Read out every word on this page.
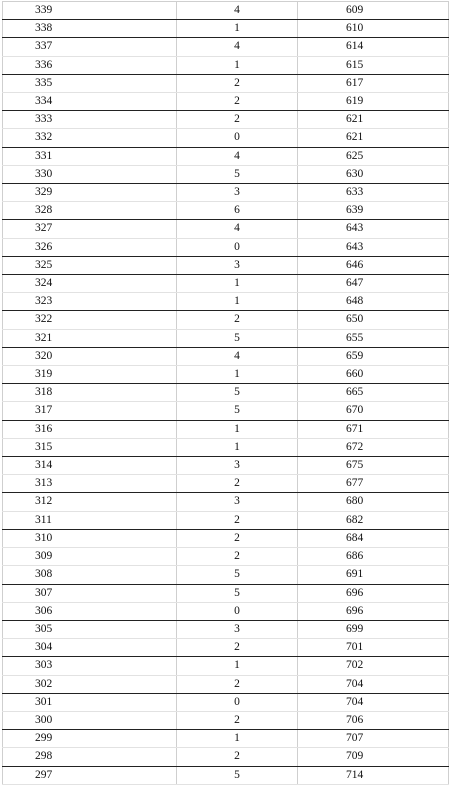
339	4	609
338	1	610
337	4	614
336	1	615
335	2	617
334	2	619
333	2	621
332	0	621
331	4	625
330	5	630
329	3	633
328	6	639
327	4	643
326	0	643
325	3	646
324	1	647
323	1	648
322	2	650
321	5	655
320	4	659
319	1	660
318	5	665
317	5	670
316	1	671
315	1	672
314	3	675
313	2	677
312	3	680
311	2	682
310	2	684
309	2	686
308	5	691
307	5	696
306	0	696
305	3	699
304	2	701
303	1	702
302	2	704
301	0	704
300	2	706
299	1	707
298	2	709
297	5	714
